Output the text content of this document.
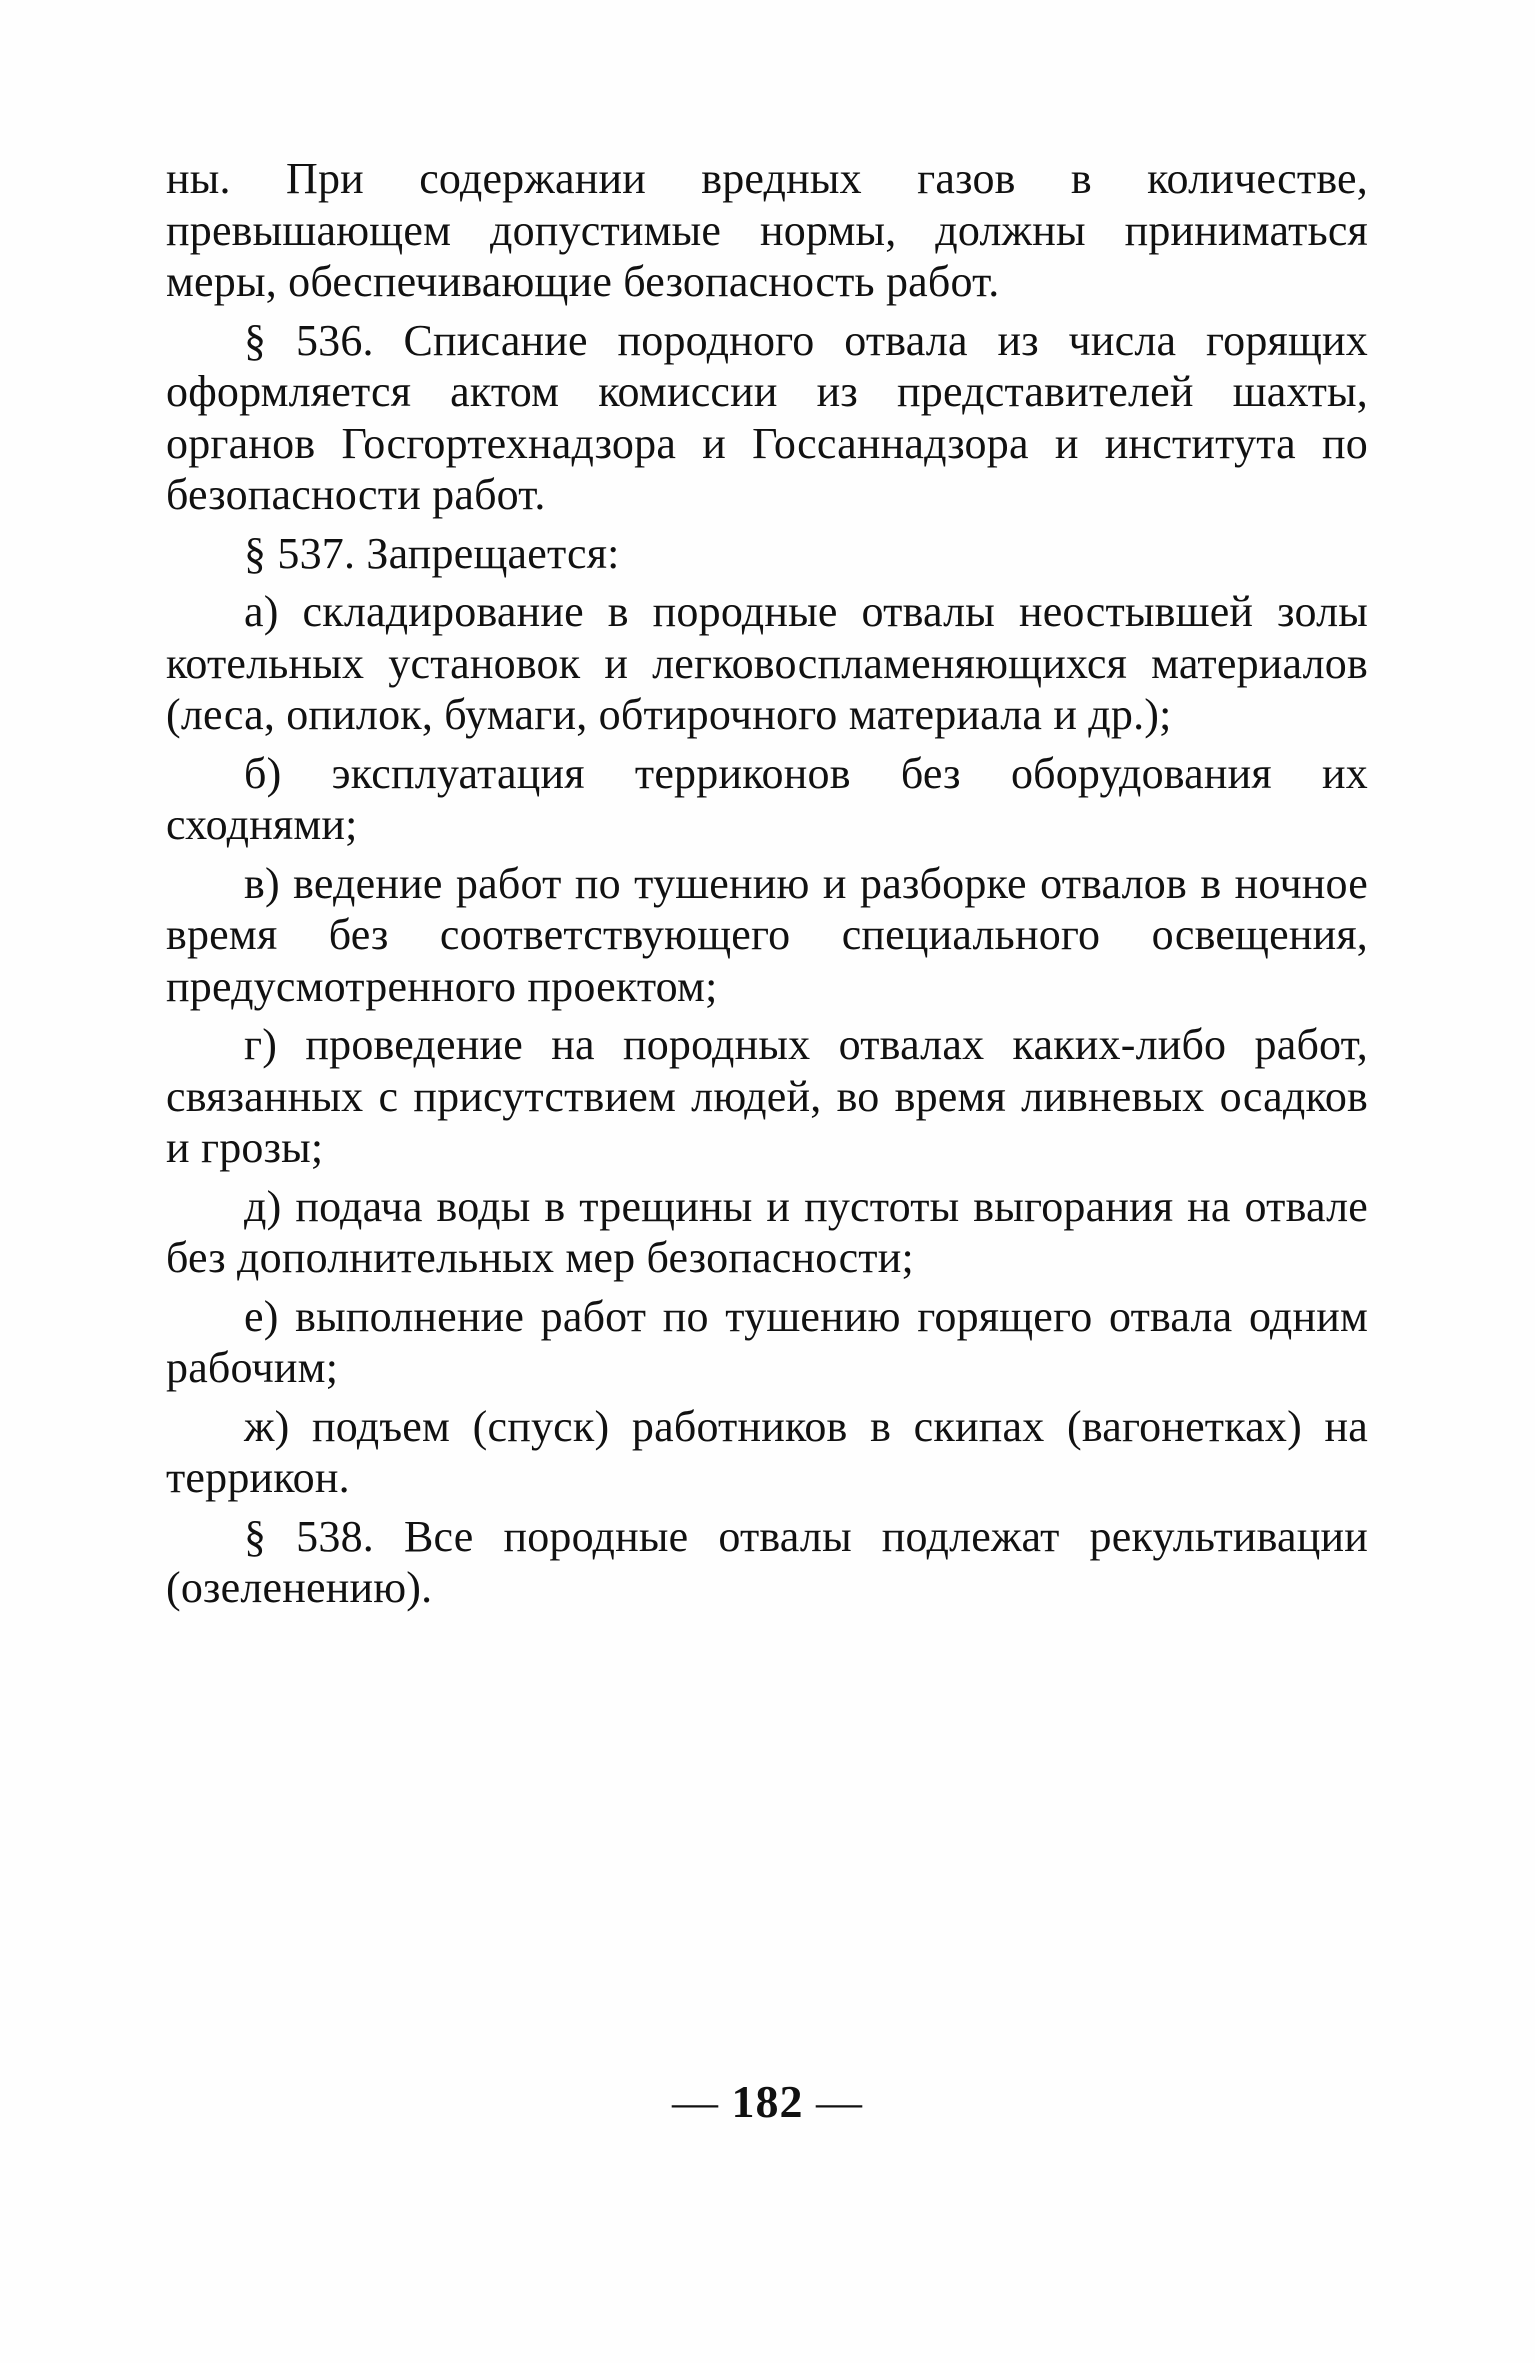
ны. При содержании вредных газов в количестве, превышающем допустимые нормы, должны приниматься меры, обеспечивающие безопасность работ.

§ 536. Списание породного отвала из числа горящих оформляется актом комиссии из представителей шахты, органов Госгортехнадзора и Госсаннадзора и института по безопасности работ.

§ 537. Запрещается:

а) складирование в породные отвалы неостывшей золы котельных установок и легковоспламеняющихся материалов (леса, опилок, бумаги, обтирочного материала и др.);

б) эксплуатация терриконов без оборудования их сходнями;

в) ведение работ по тушению и разборке отвалов в ночное время без соответствующего специального освещения, предусмотренного проектом;

г) проведение на породных отвалах каких-либо работ, связанных с присутствием людей, во время ливневых осадков и грозы;

д) подача воды в трещины и пустоты выгорания на отвале без дополнительных мер безопасности;

е) выполнение работ по тушению горящего отвала одним рабочим;

ж) подъем (спуск) работников в скипах (вагонетках) на террикон.

§ 538. Все породные отвалы подлежат рекультивации (озеленению).

— 182 —
